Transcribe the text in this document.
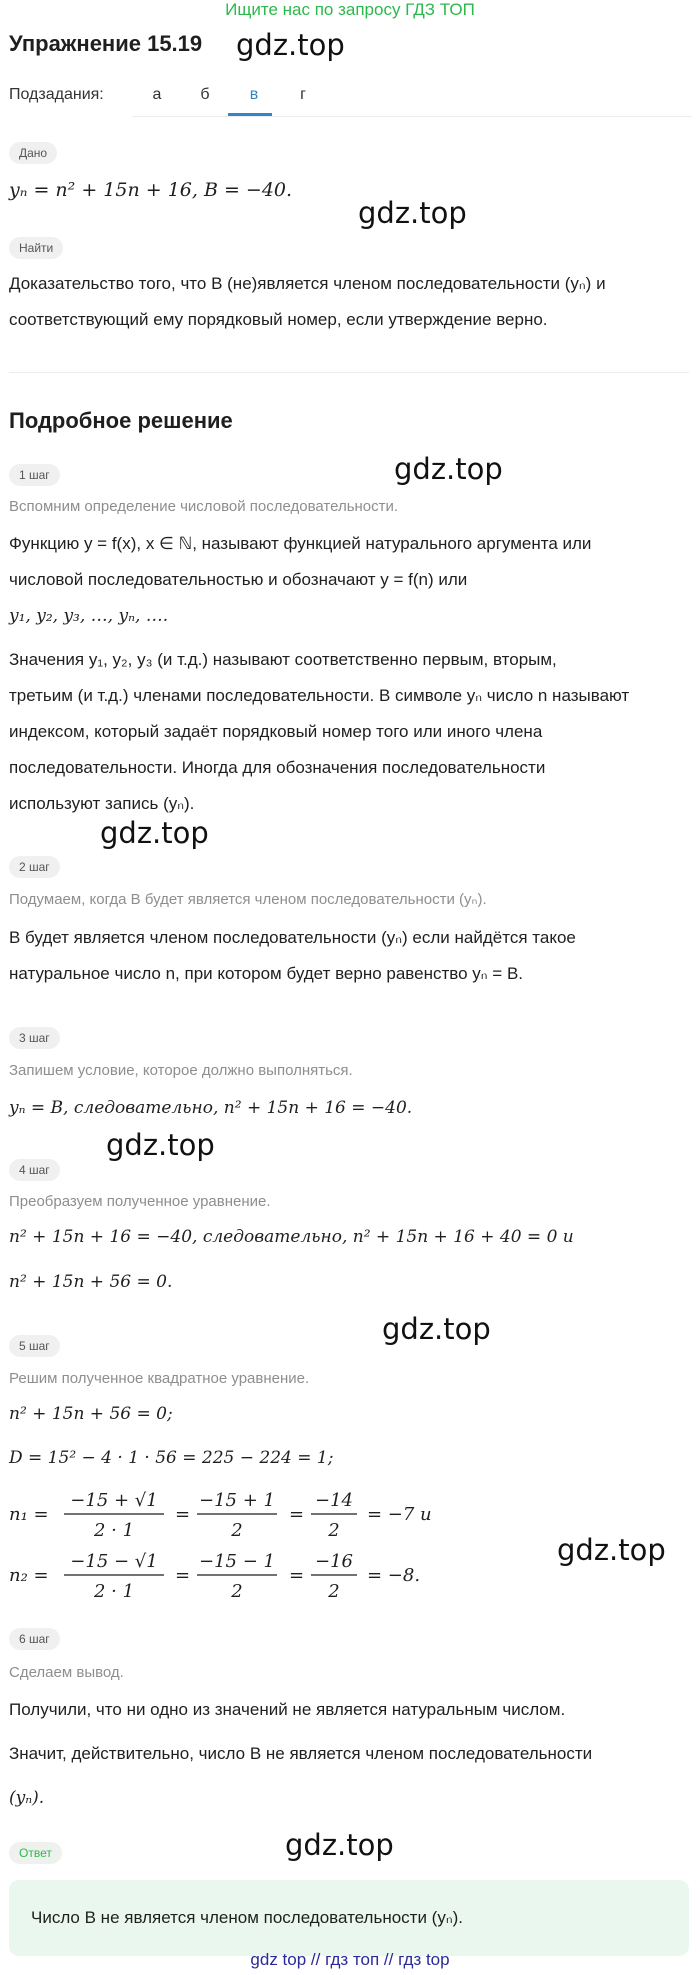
Ищите нас по запросу ГДЗ ТОП
Упражнение 15.19 gdz.top
Подзадания:	а	б	в	г
Дано
yₙ = n² + 15n + 16, B = −40.
gdz.top
Найти
Доказательство того, что B (не)является членом последовательности (yₙ) и
соответствующий ему порядковый номер, если утверждение верно.
Подробное решение
gdz.top
1 шаг
Вспомним определение числовой последовательности.
Функцию y = f(x), x ∈ ℕ, называют функцией натурального аргумента или
числовой последовательностью и обозначают y = f(n) или
y₁, y₂, y₃, …, yₙ, ….
Значения y₁, y₂, y₃ (и т.д.) называют соответственно первым, вторым,
третьим (и т.д.) членами последовательности. В символе yₙ число n называют
индексом, который задаёт порядковый номер того или иного члена
последовательности. Иногда для обозначения последовательности
используют запись (yₙ).
gdz.top
2 шаг
Подумаем, когда B будет является членом последовательности (yₙ).
B будет является членом последовательности (yₙ) если найдётся такое
натуральное число n, при котором будет верно равенство yₙ = B.
3 шаг
Запишем условие, которое должно выполняться.
yₙ = B, следовательно, n² + 15n + 16 = −40.
gdz.top
4 шаг
Преобразуем полученное уравнение.
n² + 15n + 16 = −40, следовательно, n² + 15n + 16 + 40 = 0 и
n² + 15n + 56 = 0.
gdz.top
5 шаг
Решим полученное квадратное уравнение.
n² + 15n + 56 = 0;
D = 15² − 4 · 1 · 56 = 225 − 224 = 1;
n₁ =
−15 + √1
2 · 1
=
−15 + 1
2
=
−14
2
= −7 и
gdz.top
n₂ =
−15 − √1
2 · 1
=
−15 − 1
2
=
−16
2
= −8.
6 шаг
Сделаем вывод.
Получили, что ни одно из значений не является натуральным числом.
Значит, действительно, число B не является членом последовательности
(yₙ).
Ответ	gdz.top
Число B не является членом последовательности (yₙ).
gdz top // гдз топ // гдз top
